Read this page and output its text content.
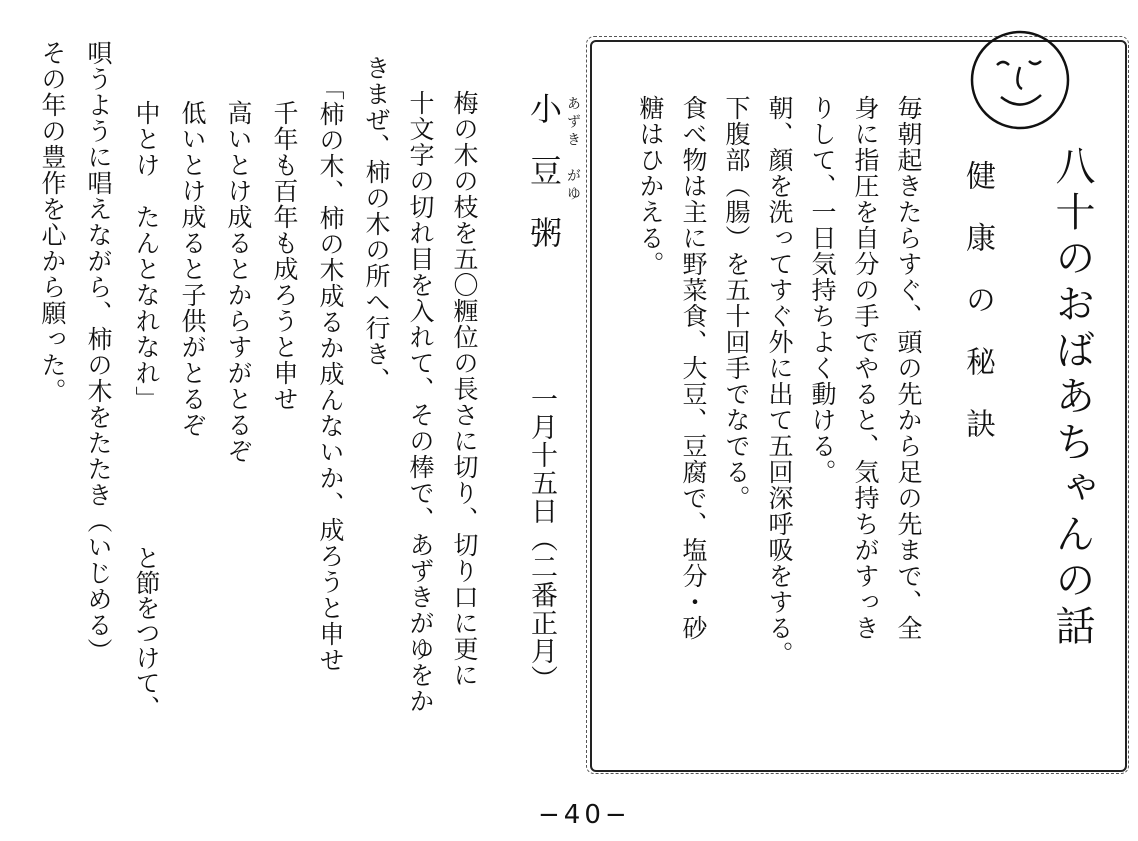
八十のおばあちゃんの話
健康の秘訣
毎朝起きたらすぐ、頭の先から足の先まで、全
身に指圧を自分の手でやると、気持ちがすっき
りして、一日気持ちよく動ける。
朝、顔を洗ってすぐ外に出て五回深呼吸をする。
下腹部（腸）を五十回手でなでる。
食べ物は主に野菜食、大豆、豆腐で、塩分・砂
糖はひかえる。
あずき　がゆ
小豆粥
一月十五日（二番正月）
梅の木の枝を五〇糎位の長さに切り、切り口に更に
十文字の切れ目を入れて、その棒で、あずきがゆをか
きまぜ、柿の木の所へ行き、
「柿の木、柿の木成るか成んないか、成ろうと申せ
千年も百年も成ろうと申せ
高いとけ成るとからすがとるぞ
低いとけ成ると子供がとるぞ
中とけ　たんとなれなれ」
と節をつけて、
唄うように唱えながら、柿の木をたたき（いじめる）
その年の豊作を心から願った。
−40−
